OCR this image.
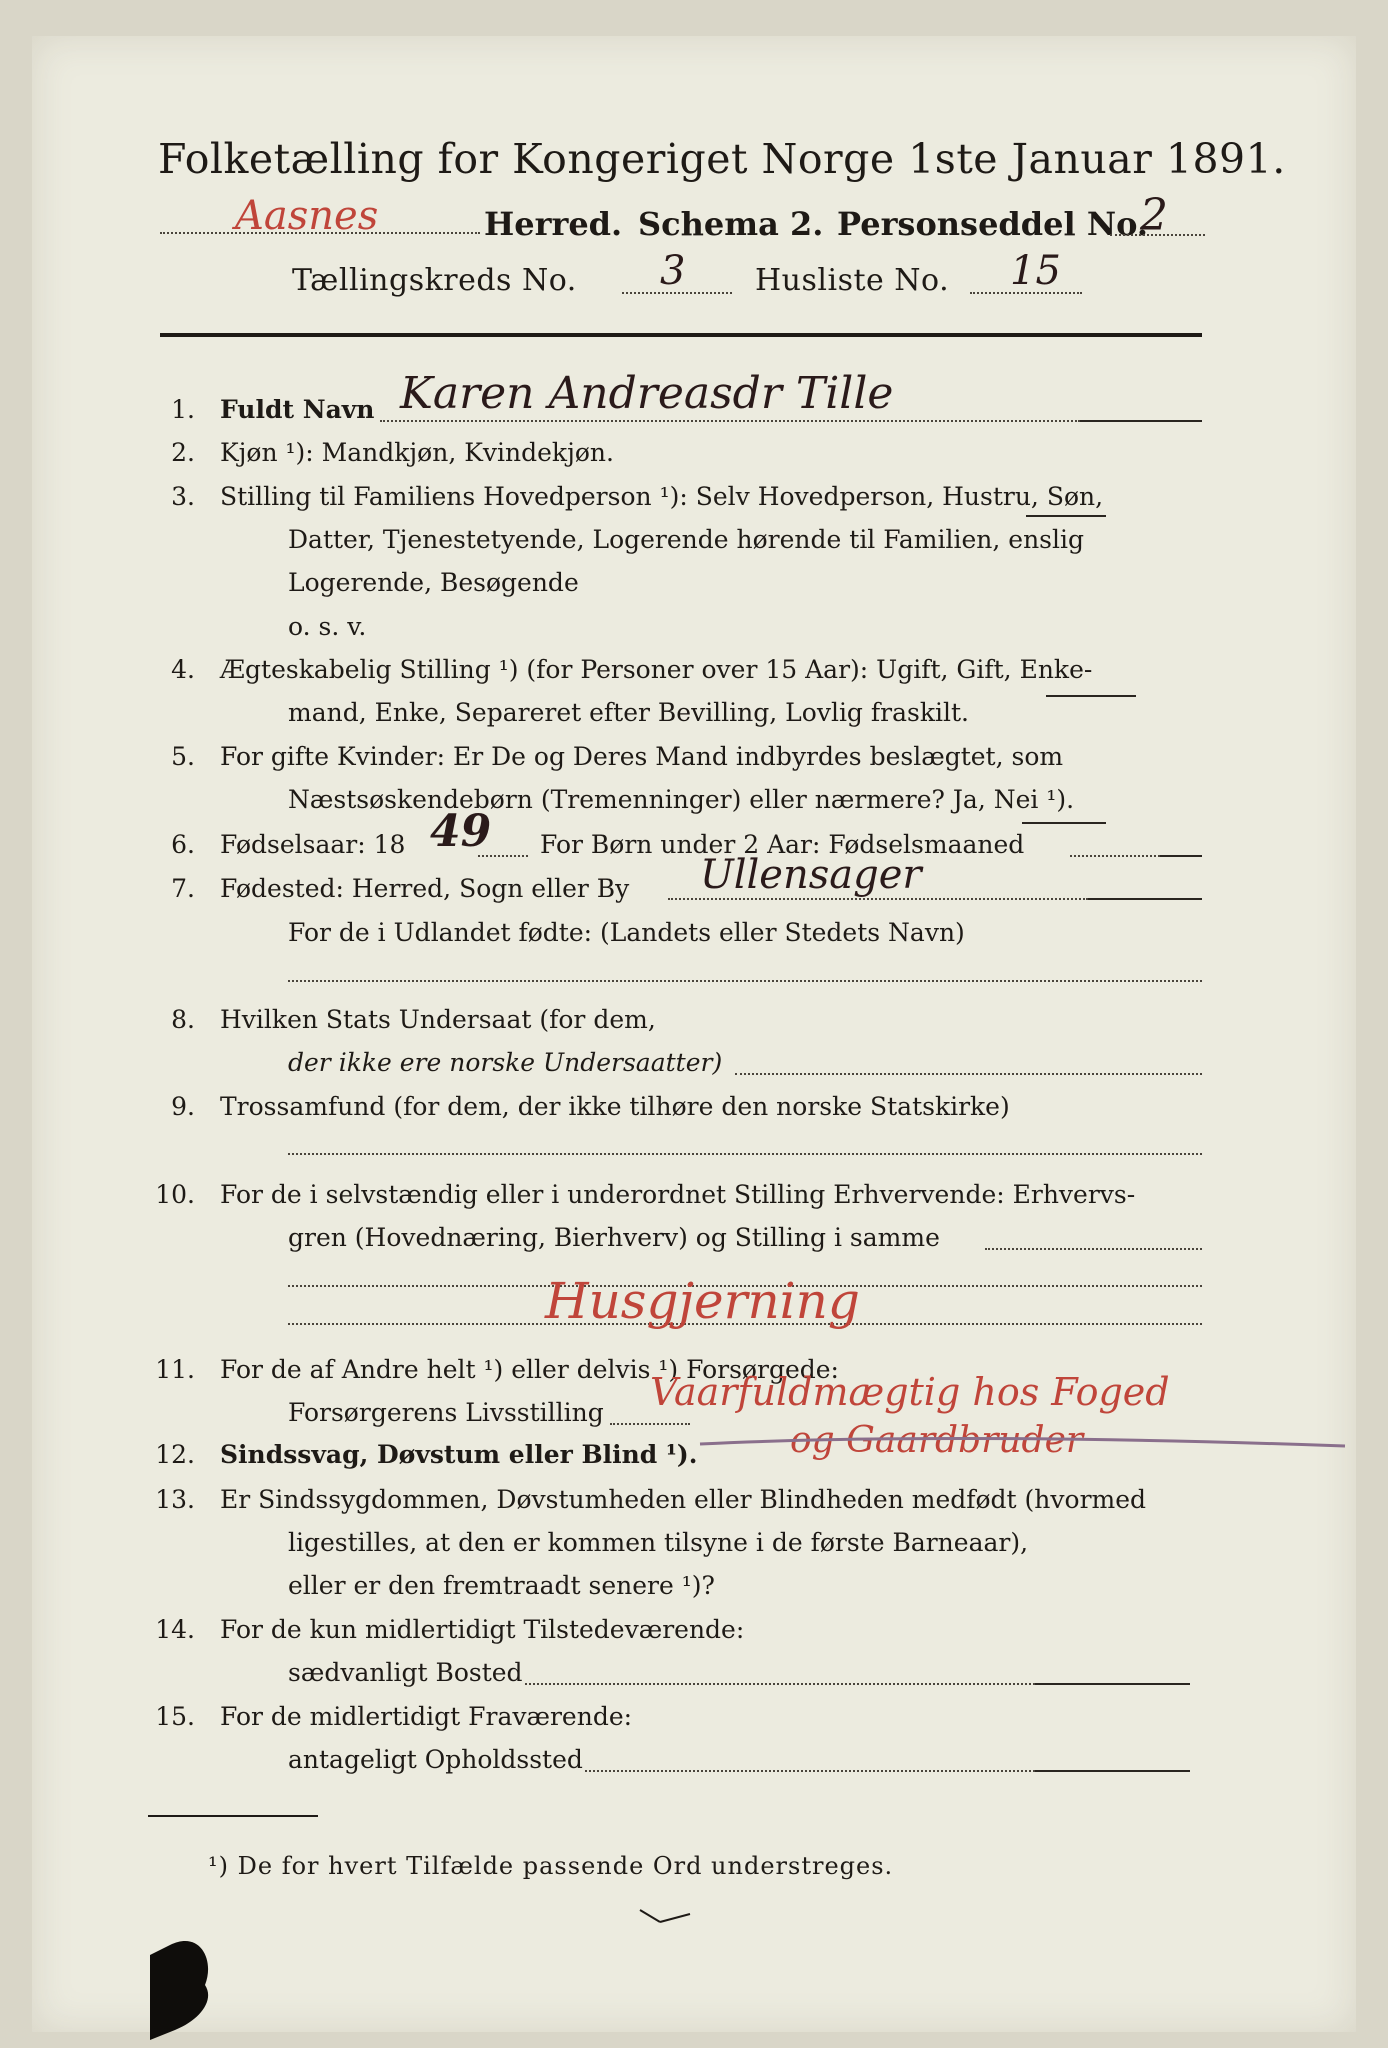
Folketælling for Kongeriget Norge 1ste Januar 1891.
Aasnes	Herred. Schema 2. Personseddel No.
2
Tællingskreds No. 3 Husliste No. 15
1. Fuldt Navn Karen Andreasdr Tille
2. Kjøn ¹): Mandkjøn, Kvindekjøn.
3. Stilling til Familiens Hovedperson ¹): Selv Hovedperson, Hustru, Søn,
Datter, Tjenestetyende, Logerende hørende til Familien, enslig
Logerende, Besøgende
o. s. v.
4. Ægteskabelig Stilling ¹) (for Personer over 15 Aar): Ugift, Gift, Enke-
mand, Enke, Separeret efter Bevilling, Lovlig fraskilt.
5. For gifte Kvinder: Er De og Deres Mand indbyrdes beslægtet, som
Næstsøskendebørn (Tremenninger) eller nærmere? Ja, Nei ¹).
6. Fødselsaar: 18 49 For Børn under 2 Aar: Fødselsmaaned
7. Fødested: Herred, Sogn eller By Ullensager
For de i Udlandet fødte: (Landets eller Stedets Navn)
8. Hvilken Stats Undersaat (for dem,
der ikke ere norske Undersaatter)
9. Trossamfund (for dem, der ikke tilhøre den norske Statskirke)
10. For de i selvstændig eller i underordnet Stilling Erhvervende: Erhvervs-
gren (Hovednæring, Bierhverv) og Stilling i samme
Husgjerning
11. For de af Andre helt ¹) eller delvis ¹) Forsørgede:
Forsørgerens Livsstilling Vaarfuldmægtig hos Foged
og Gaardbruder
12. Sindssvag, Døvstum eller Blind ¹).
13. Er Sindssygdommen, Døvstumheden eller Blindheden medfødt (hvormed
ligestilles, at den er kommen tilsyne i de første Barneaar),
eller er den fremtraadt senere ¹)?
14. For de kun midlertidigt Tilstedeværende:
sædvanligt Bosted
15. For de midlertidigt Fraværende:
antageligt Opholdssted
¹) De for hvert Tilfælde passende Ord understreges.
